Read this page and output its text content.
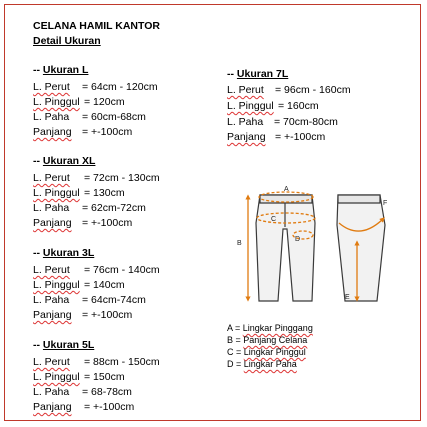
CELANA HAMIL KANTOR
Detail Ukuran
-- Ukuran L
L. Perut = 64cm - 120cm
L. Pinggul = 120cm
L. Paha = 60cm-68cm
Panjang = +-100cm
-- Ukuran XL
L. Perut = 72cm - 130cm
L. Pinggul = 130cm
L. Paha = 62cm-72cm
Panjang = +-100cm
-- Ukuran 3L
L. Perut = 76cm - 140cm
L. Pinggul = 140cm
L. Paha = 64cm-74cm
Panjang = +-100cm
-- Ukuran 5L
L. Perut = 88cm - 150cm
L. Pinggul = 150cm
L. Paha = 68-78cm
Panjang = +-100cm
-- Ukuran 7L
L. Perut = 96cm - 160cm
L. Pinggul = 160cm
L. Paha = 70cm-80cm
Panjang = +-100cm
A
B
C
D
E
F
A = Lingkar Pinggang
B = Panjang Celana
C = Lingkar Pinggul
D = Lingkar Paha
